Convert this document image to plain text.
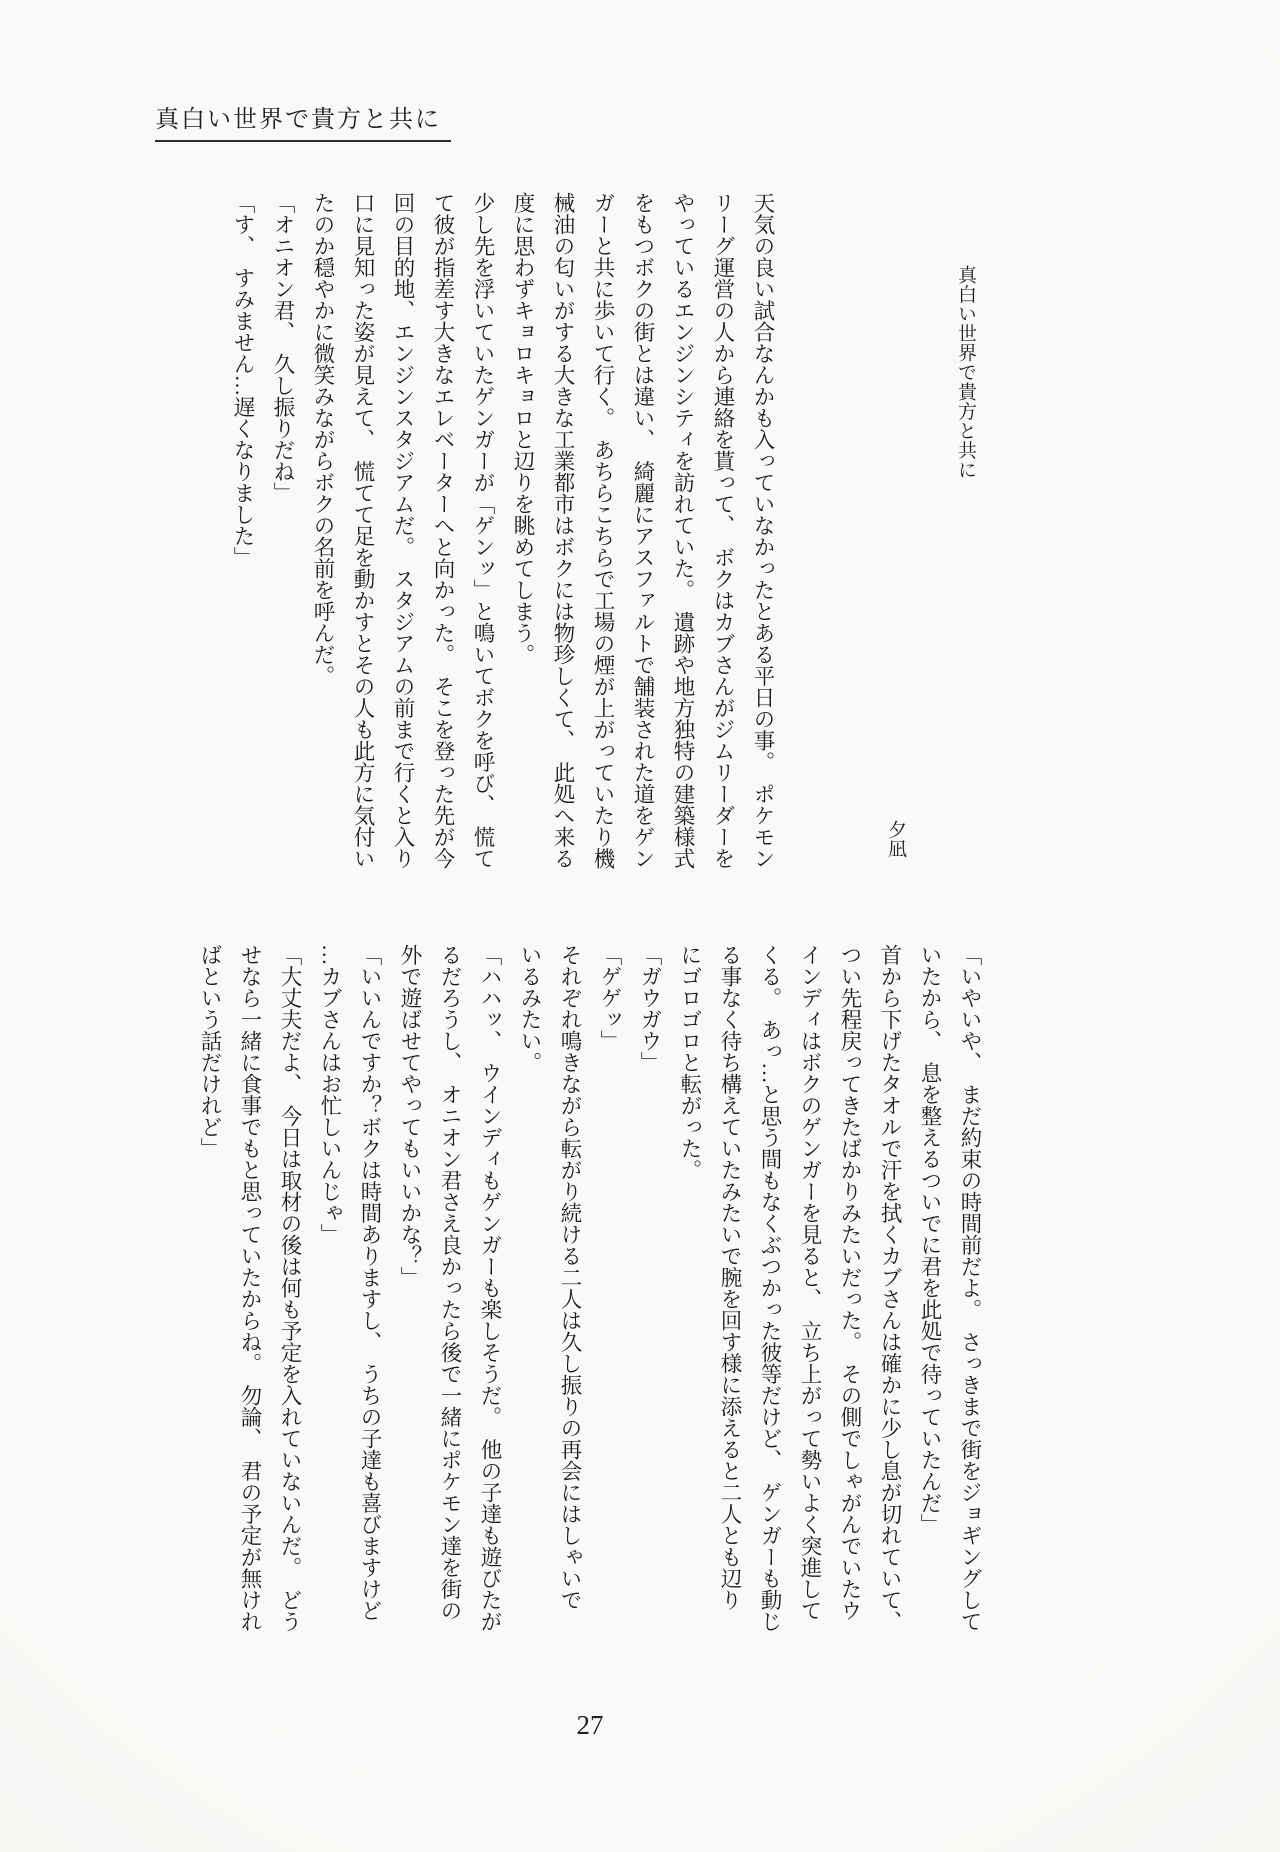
真白い世界で貴方と共に
真白い世界で貴方と共に
夕凪
天気の良い試合なんかも入っていなかったとある平日の事。　ポケモン
リーグ運営の人から連絡を貰って、　ボクはカブさんがジムリーダーを
やっているエンジンシティを訪れていた。　遺跡や地方独特の建築様式
をもつボクの街とは違い、　綺麗にアスファルトで舗装された道をゲン
ガーと共に歩いて行く。　あちらこちらで工場の煙が上がっていたり機
械油の匂いがする大きな工業都市はボクには物珍しくて、　此処へ来る
度に思わずキョロキョロと辺りを眺めてしまう。
少し先を浮いていたゲンガーが「ゲンッ」と鳴いてボクを呼び、　慌て
て彼が指差す大きなエレベーターへと向かった。　そこを登った先が今
回の目的地、エンジンスタジアムだ。　スタジアムの前まで行くと入り
口に見知った姿が見えて、　慌てて足を動かすとその人も此方に気付い
たのか穏やかに微笑みながらボクの名前を呼んだ。
「オニオン君、　久し振りだね」
「す、　すみません…遅くなりました」
「いやいや、　まだ約束の時間前だよ。　さっきまで街をジョギングして
いたから、　息を整えるついでに君を此処で待っていたんだ」
首から下げたタオルで汗を拭くカブさんは確かに少し息が切れていて、
つい先程戻ってきたばかりみたいだった。　その側でしゃがんでいたウ
インディはボクのゲンガーを見ると、　立ち上がって勢いよく突進して
くる。　あっ…と思う間もなくぶつかった彼等だけど、　ゲンガーも動じ
る事なく待ち構えていたみたいで腕を回す様に添えると二人とも辺り
にゴロゴロと転がった。
「ガウガウ」
「ゲゲッ」
それぞれ鳴きながら転がり続ける二人は久し振りの再会にはしゃいで
いるみたい。
「ハハッ、　ウインディもゲンガーも楽しそうだ。　他の子達も遊びたが
るだろうし、　オニオン君さえ良かったら後で一緒にポケモン達を街の
外で遊ばせてやってもいいかな？」
「いいんですか？ボクは時間ありますし、　うちの子達も喜びますけど
…カブさんはお忙しいんじゃ」
「大丈夫だよ、　今日は取材の後は何も予定を入れていないんだ。　どう
せなら一緒に食事でもと思っていたからね。　勿論、　君の予定が無けれ
ばという話だけれど」
27
